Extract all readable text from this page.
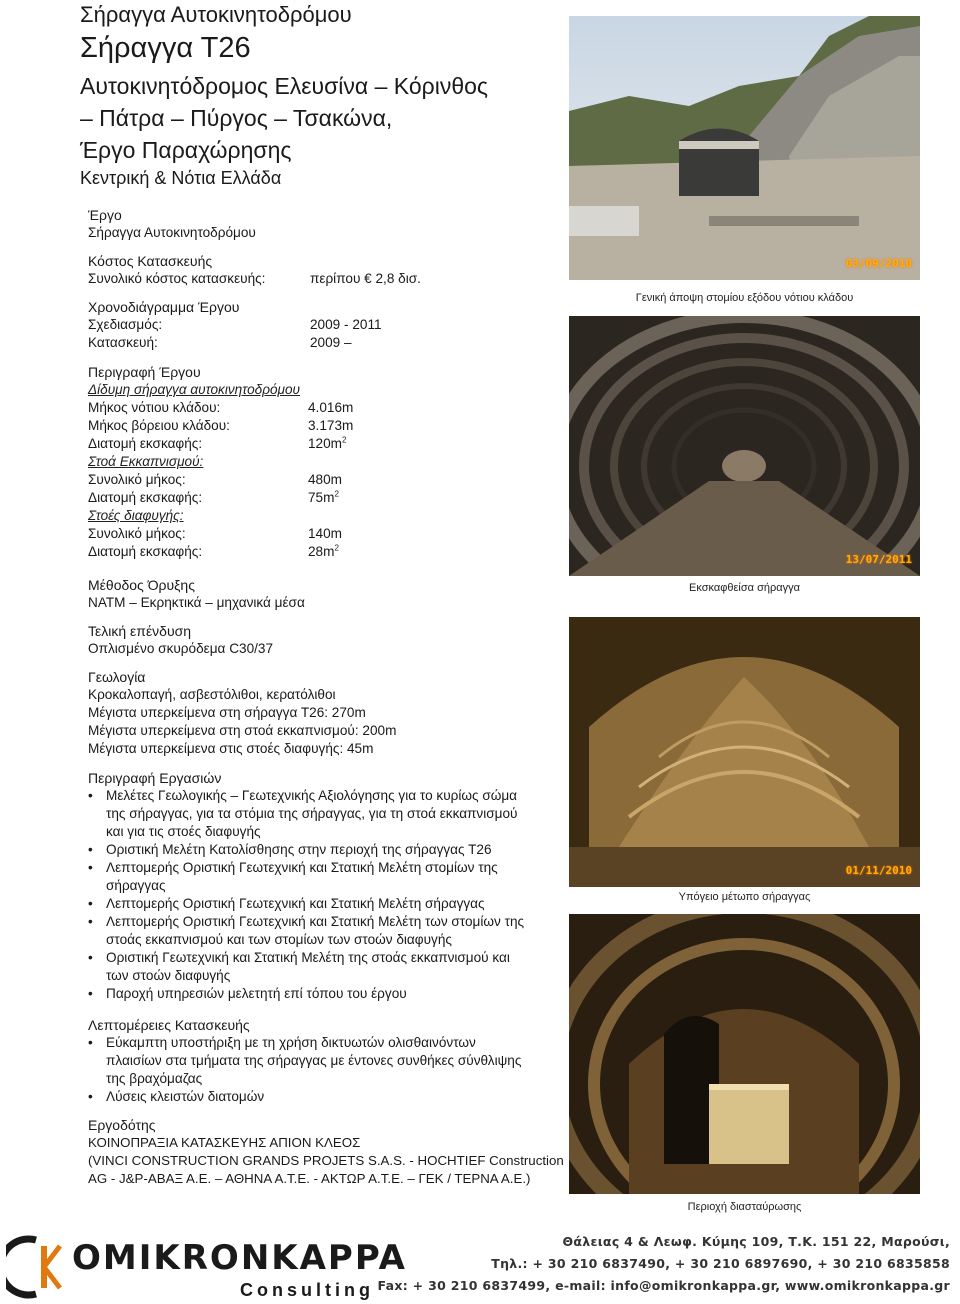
Σήραγγα Αυτοκινητοδρόμου
Σήραγγα Τ26
Αυτοκινητόδρομος Ελευσίνα – Κόρινθος
– Πάτρα – Πύργος – Τσακώνα,
Έργο Παραχώρησης
Κεντρική & Νότια Ελλάδα
Έργο
Σήραγγα Αυτοκινητοδρόμου
Κόστος Κατασκευής
Συνολικό κόστος κατασκευής:	περίπου € 2,8 δισ.
Χρονοδιάγραμμα Έργου
Σχεδιασμός:	2009 - 2011
Κατασκευή:	2009 –
Περιγραφή Έργου
Δίδυμη σήραγγα αυτοκινητοδρόμου
Μήκος νότιου κλάδου:	4.016m
Μήκος βόρειου κλάδου:	3.173m
Διατομή εκσκαφής:	$120m^2$
Στοά Εκκαπνισμού:
Συνολικό μήκος:	480m
Διατομή εκσκαφής:	$75m^2$
Στοές διαφυγής:
Συνολικό μήκος:	140m
Διατομή εκσκαφής:	$28m^2$
Μέθοδος Όρυξης
NATM – Εκρηκτικά – μηχανικά μέσα
Τελική επένδυση
Οπλισμένο σκυρόδεμα C30/37
Γεωλογία
Κροκαλοπαγή, ασβεστόλιθοι, κερατόλιθοι
Μέγιστα υπερκείμενα στη σήραγγα Τ26: 270m
Μέγιστα υπερκείμενα στη στοά εκκαπνισμού: 200m
Μέγιστα υπερκείμενα στις στοές διαφυγής: 45m
Περιγραφή Εργασιών
• Μελέτες Γεωλογικής – Γεωτεχνικής Αξιολόγησης για το κυρίως σώμα της σήραγγας, για τα στόμια της σήραγγας, για τη στοά εκκαπνισμού και για τις στοές διαφυγής
• Οριστική Μελέτη Κατολίσθησης στην περιοχή της σήραγγας Τ26
• Λεπτομερής Οριστική Γεωτεχνική και Στατική Μελέτη στομίων της σήραγγας
• Λεπτομερής Οριστική Γεωτεχνική και Στατική Μελέτη σήραγγας
• Λεπτομερής Οριστική Γεωτεχνική και Στατική Μελέτη των στομίων της στοάς εκκαπνισμού και των στομίων των στοών διαφυγής
• Οριστική Γεωτεχνική και Στατική Μελέτη της στοάς εκκαπνισμού και των στοών διαφυγής
• Παροχή υπηρεσιών μελετητή επί τόπου του έργου
Λεπτομέρειες Κατασκευής
• Εύκαμπτη υποστήριξη με τη χρήση δικτυωτών ολισθαινόντων πλαισίων στα τμήματα της σήραγγας με έντονες συνθήκες σύνθλιψης της βραχόμαζας
• Λύσεις κλειστών διατομών
Εργοδότης
ΚΟΙΝΟΠΡΑΞΙΑ ΚΑΤΑΣΚΕΥΗΣ ΑΠΙΟΝ ΚΛΕΟΣ
(VINCI CONSTRUCTION GRANDS PROJETS S.A.S. - HOCHTIEF Construction
AG - J&P-ΑΒΑΞ Α.Ε. – ΑΘΗΝΑ Α.Τ.Ε. - ΑΚΤΩΡ Α.Τ.Ε. – ΓΕΚ / ΤΕΡΝΑ Α.Ε.)
03/09/2010
Γενική άποψη στομίου εξόδου νότιου κλάδου
13/07/2011
Εκσκαφθείσα σήραγγα
01/11/2010
Υπόγειο μέτωπο σήραγγας
Περιοχή διασταύρωσης
OMIKRONKAPPA
Consulting
Θάλειας 4 & Λεωφ. Κύμης 109, Τ.Κ. 151 22, Μαρούσι,
Τηλ.: + 30 210 6837490, + 30 210 6897690, + 30 210 6835858
Fax: + 30 210 6837499, e-mail: info@omikronkappa.gr, www.omikronkappa.gr
